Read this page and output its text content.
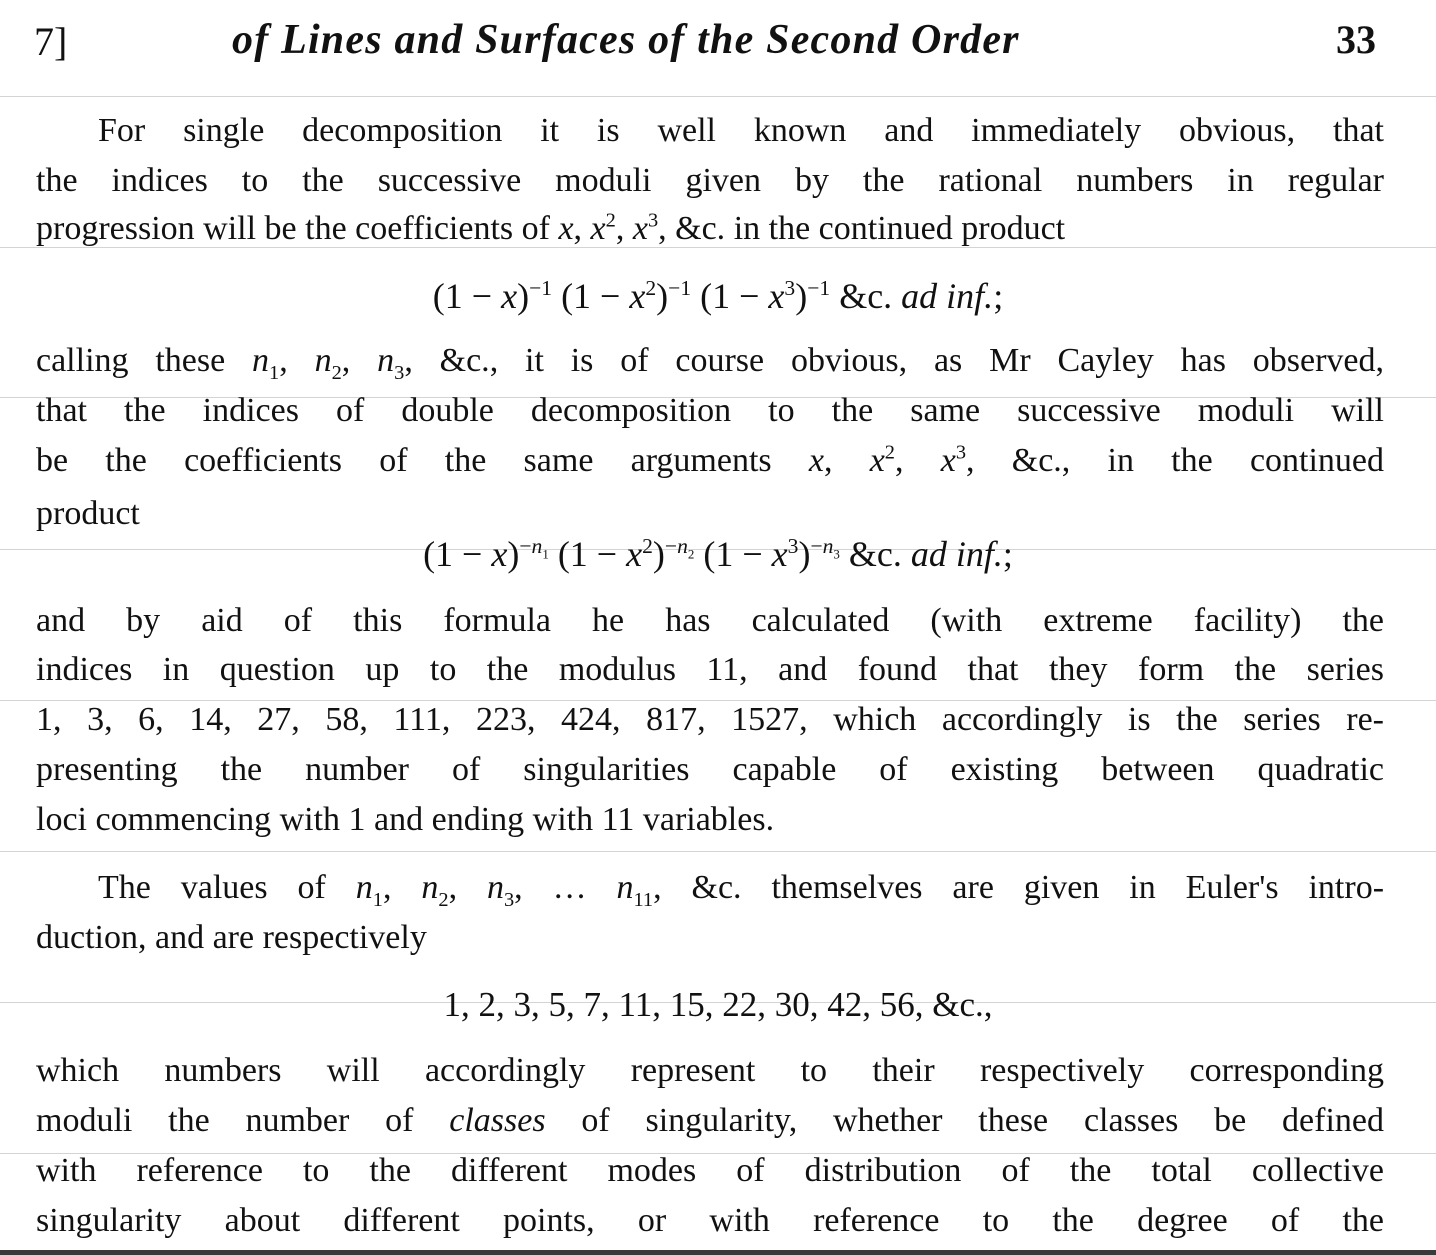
7]	of Lines and Surfaces of the Second Order	33
For single decomposition it is well known and immediately obvious, that
the indices to the successive moduli given by the rational numbers in regular
progression will be the coefficients of x, $x^2$, $x^3$, &c. in the continued product
$(1 - x)^{-1}$ $(1 - x^2)^{-1}$ $(1 - x^3)^{-1}$ &c. ad inf.;
calling these $n_1$, $n_2$, $n_3$, &c., it is of course obvious, as Mr Cayley has observed,
that the indices of double decomposition to the same successive moduli will
be the coefficients of the same arguments x, $x^2$, $x^3$, &c., in the continued
product
$(1 - x)^{-n_1}$ $(1 - x^2)^{-n_2}$ $(1 - x^3)^{-n_3}$ &c. ad inf.;
and by aid of this formula he has calculated (with extreme facility) the
indices in question up to the modulus 11, and found that they form the series
1, 3, 6, 14, 27, 58, 111, 223, 424, 817, 1527, which accordingly is the series re-
presenting the number of singularities capable of existing between quadratic
loci commencing with 1 and ending with 11 variables.
The values of $n_1$, $n_2$, $n_3$, … $n_{11}$, &c. themselves are given in Euler's intro-
duction, and are respectively
1, 2, 3, 5, 7, 11, 15, 22, 30, 42, 56, &c.,
which numbers will accordingly represent to their respectively corresponding
moduli the number of classes of singularity, whether these classes be defined
with reference to the different modes of distribution of the total collective
singularity about different points, or with reference to the degree of the
